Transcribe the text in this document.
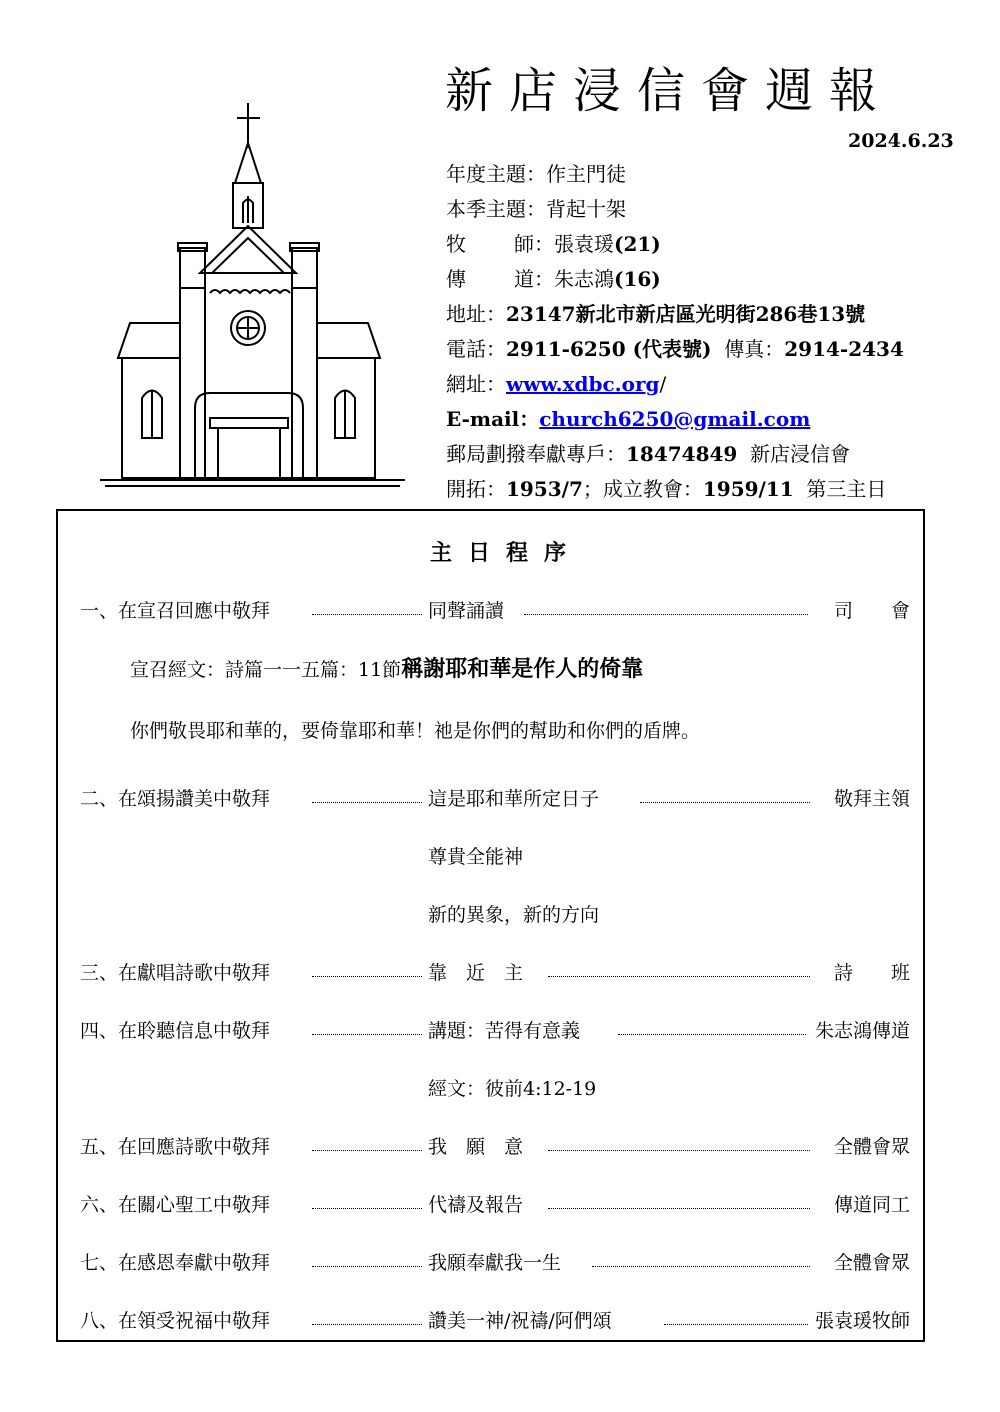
新店浸信會週報
2024.6.23
年度主題：作主門徒
本季主題：背起十架
牧 師：張袁瑗(21)
傳 道：朱志鴻(16)
地址：23147新北市新店區光明街286巷13號
電話：2911-6250 (代表號) 傳真：2914-2434
網址：www.xdbc.org/
E-mail：church6250@gmail.com
郵局劃撥奉獻專戶：18474849 新店浸信會
開拓：1953/7；成立教會：1959/11 第三主日
主日程序
一、在宣召回應中敬拜	同聲誦讀	司　　會
宣召經文：詩篇一一五篇：11節稱謝耶和華是作人的倚靠
你們敬畏耶和華的，要倚靠耶和華！祂是你們的幫助和你們的盾牌。
二、在頌揚讚美中敬拜	這是耶和華所定日子	敬拜主領
尊貴全能神
新的異象，新的方向
三、在獻唱詩歌中敬拜	靠　近　主	詩　　班
四、在聆聽信息中敬拜	講題：苦得有意義	朱志鴻傳道
經文：彼前4:12-19
五、在回應詩歌中敬拜	我　願　意	全體會眾
六、在關心聖工中敬拜	代禱及報告	傳道同工
七、在感恩奉獻中敬拜	我願奉獻我一生	全體會眾
八、在領受祝福中敬拜	讚美一神/祝禱/阿們頌	張袁瑗牧師
